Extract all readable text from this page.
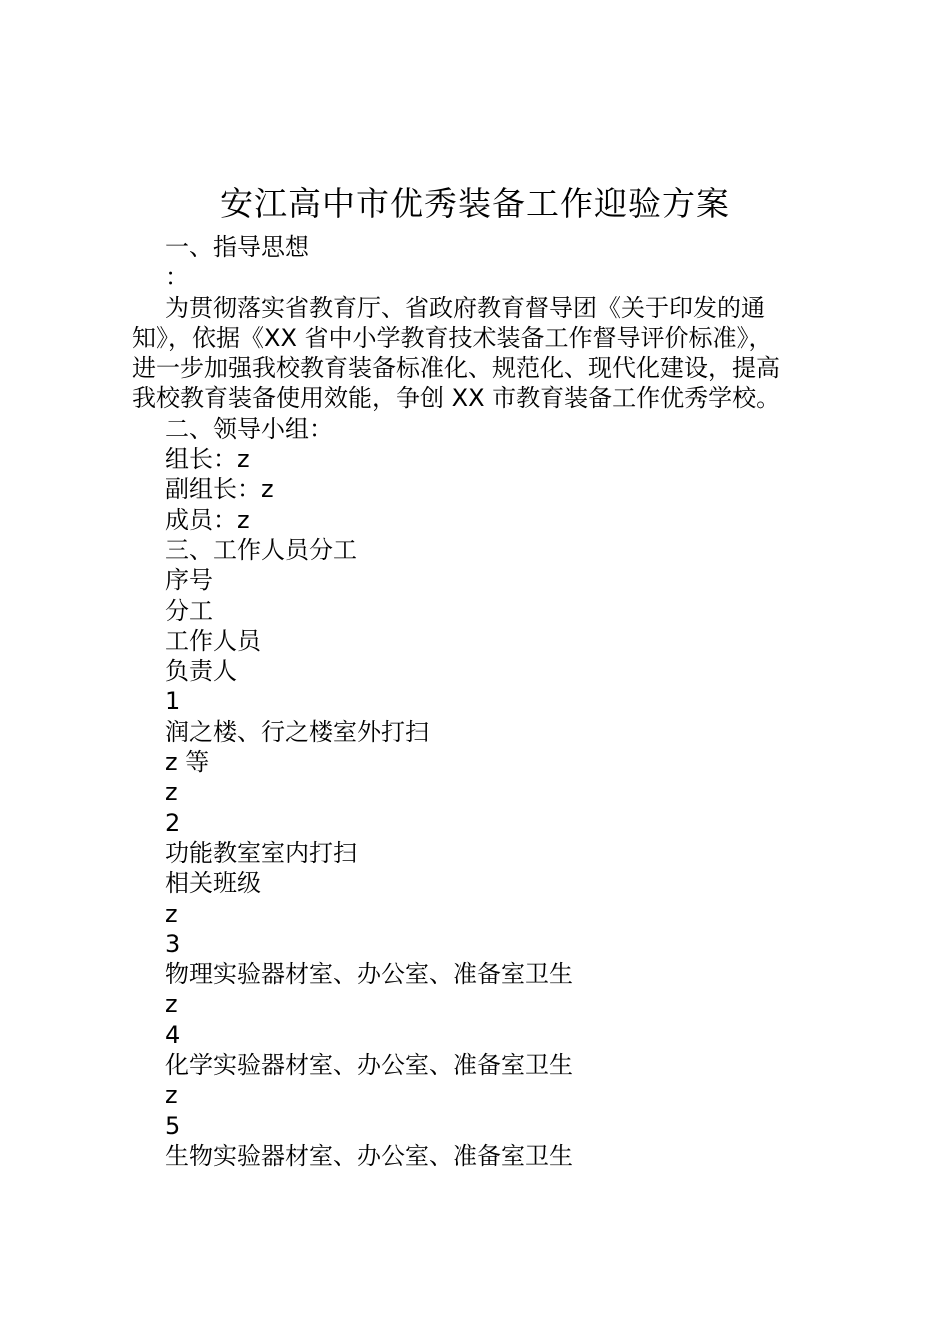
安江高中市优秀装备工作迎验方案
一、指导思想
：
为贯彻落实省教育厅、省政府教育督导团《关于印发的通
知》，依据《XX 省中小学教育技术装备工作督导评价标准》，
进一步加强我校教育装备标准化、规范化、现代化建设，提高
我校教育装备使用效能，争创 XX 市教育装备工作优秀学校。
二、领导小组：
组长：z
副组长：z
成员：z
三、工作人员分工
序号
分工
工作人员
负责人
1
润之楼、行之楼室外打扫
z 等
z
2
功能教室室内打扫
相关班级
z
3
物理实验器材室、办公室、准备室卫生
z
4
化学实验器材室、办公室、准备室卫生
z
5
生物实验器材室、办公室、准备室卫生
